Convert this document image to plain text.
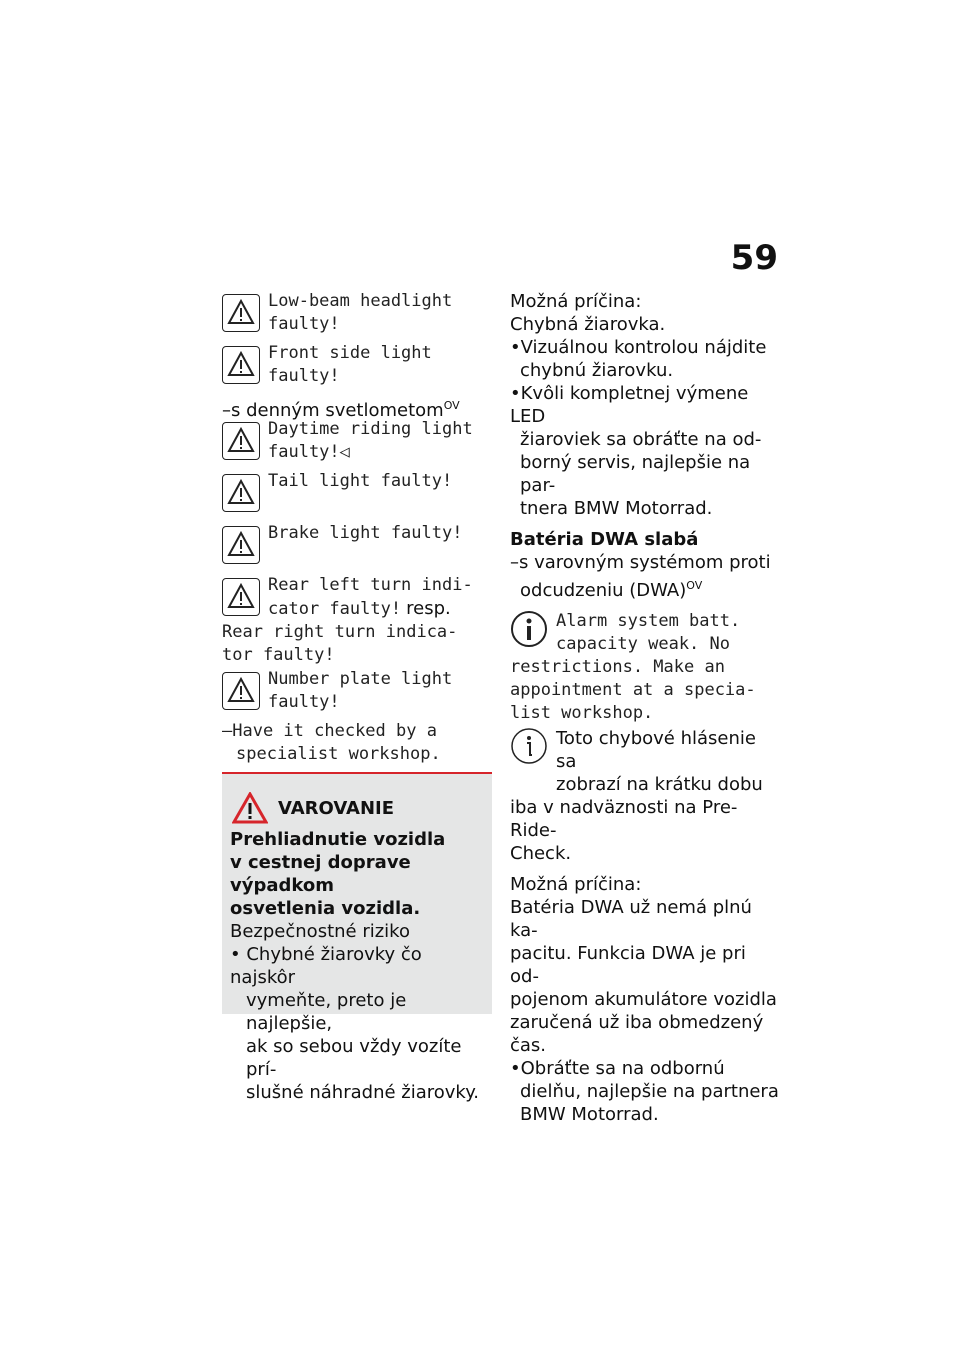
59
Low-beam headlight
faulty!
Front side light
faulty!
–s denným svetlometom$^{OV}$
Daytime riding light
faulty!◁
Tail light faulty!
Brake light faulty!
Rear left turn indi-
cator faulty! resp.
Rear right turn indica-
tor faulty!
Number plate light
faulty!
–Have it checked by a
specialist workshop.
VAROVANIE
Prehliadnutie vozidla
v cestnej doprave výpadkom
osvetlenia vozidla.
Bezpečnostné riziko
• Chybné žiarovky čo najskôr
vymeňte, preto je najlepšie,
ak so sebou vždy vozíte prí-
slušné náhradné žiarovky.
Možná príčina:
Chybná žiarovka.
•Vizuálnou kontrolou nájdite
chybnú žiarovku.
•Kvôli kompletnej výmene LED
žiaroviek sa obráťte na od-
borný servis, najlepšie na par-
tnera BMW Motorrad.
Batéria DWA slabá
–s varovným systémom proti
odcudzeniu (DWA)$^{OV}$
Alarm system batt.
capacity weak. No
restrictions. Make an
appointment at a specia-
list workshop.
Toto chybové hlásenie sa
zobrazí na krátku dobu
iba v nadväznosti na Pre-Ride-
Check.
Možná príčina:
Batéria DWA už nemá plnú ka-
pacitu. Funkcia DWA je pri od-
pojenom akumulátore vozidla
zaručená už iba obmedzený
čas.
•Obráťte sa na odbornú
dielňu, najlepšie na partnera
BMW Motorrad.
